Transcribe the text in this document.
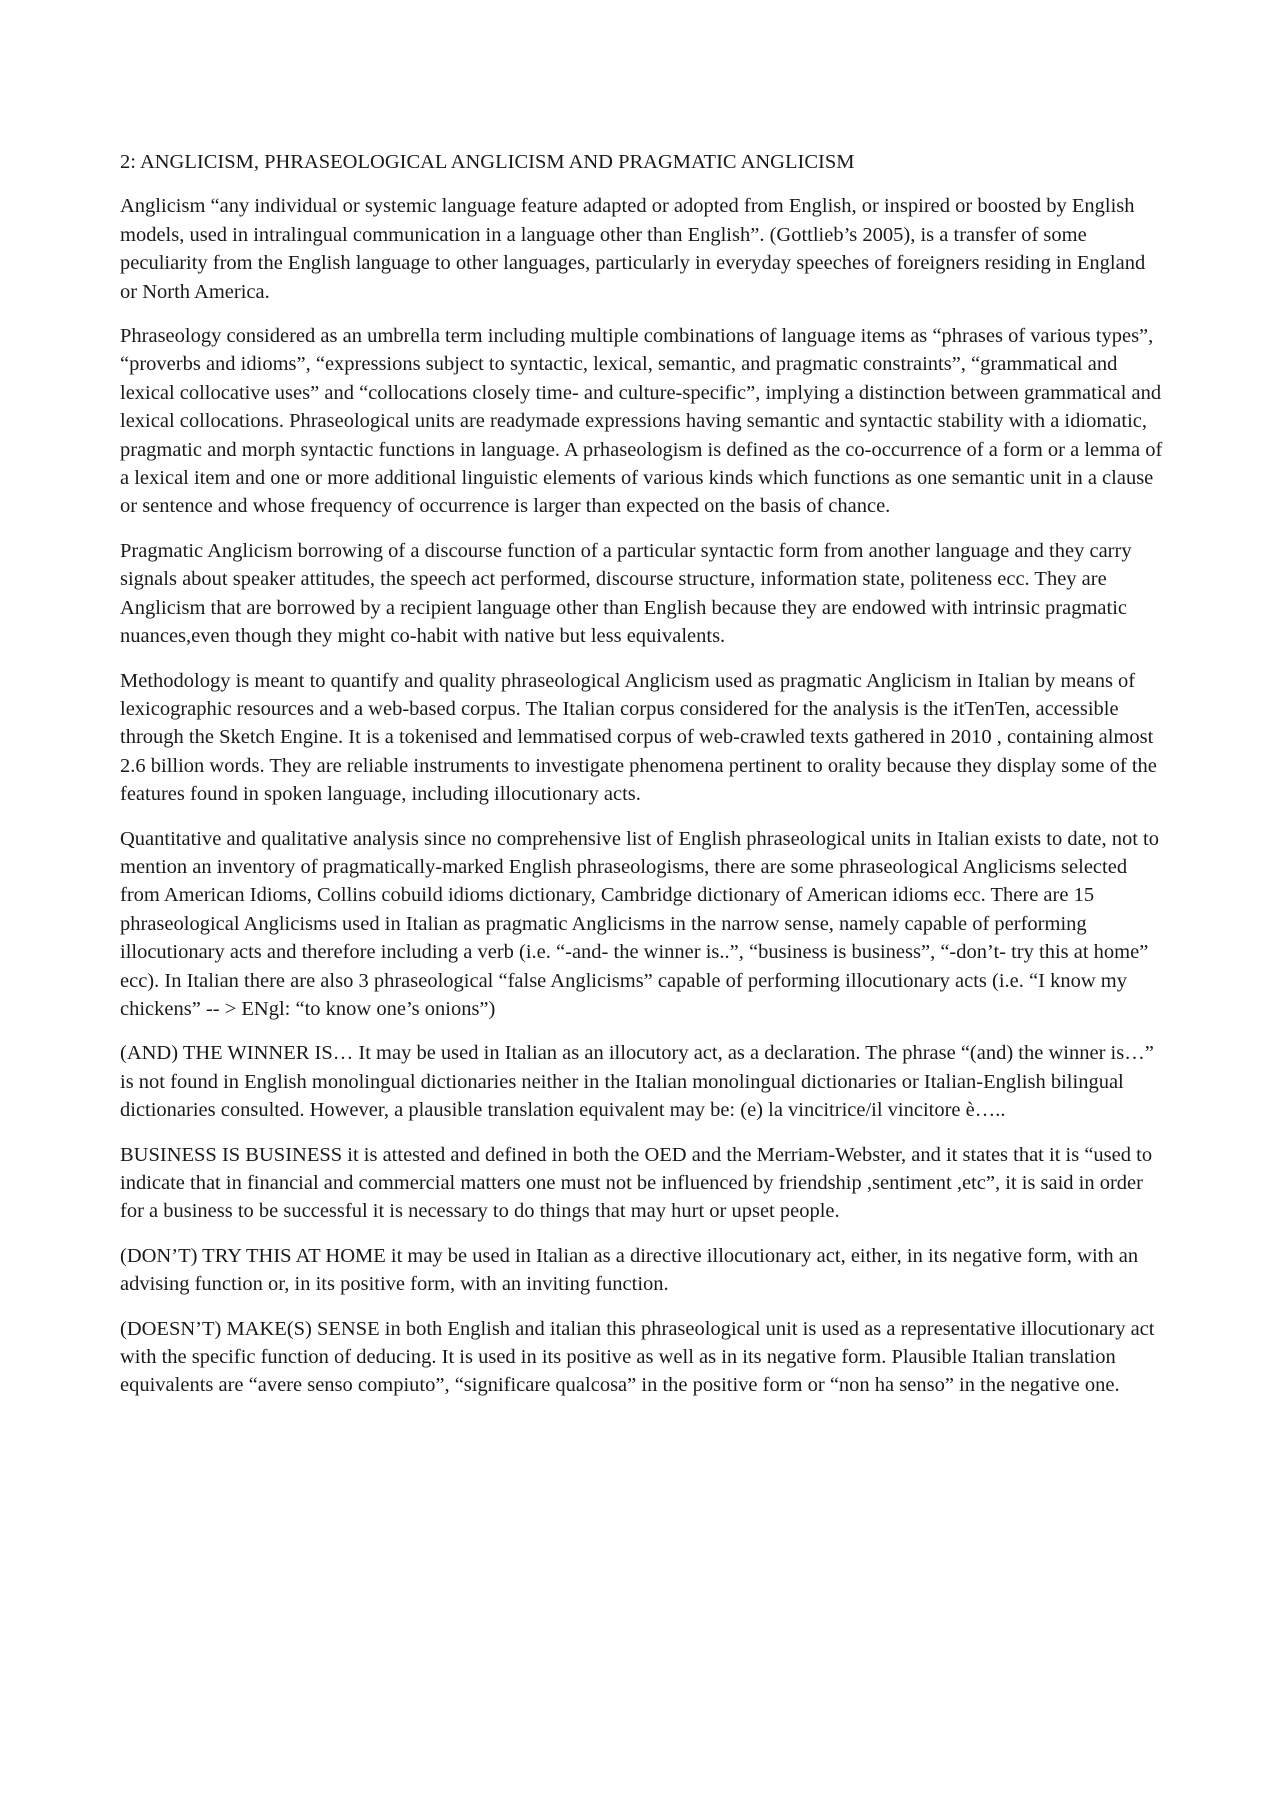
2: ANGLICISM, PHRASEOLOGICAL ANGLICISM AND PRAGMATIC ANGLICISM

Anglicism “any individual or systemic language feature adapted or adopted from English, or inspired or boosted by English models, used in intralingual communication in a language other than English”. (Gottlieb’s 2005), is a transfer of some peculiarity from the English language to other languages, particularly in everyday speeches of foreigners residing in England or North America.

Phraseology considered as an umbrella term including multiple combinations of language items as “phrases of various types”, “proverbs and idioms”, “expressions subject to syntactic, lexical, semantic, and pragmatic constraints”, “grammatical and lexical collocative uses” and “collocations closely time- and culture-specific”, implying a distinction between grammatical and lexical collocations. Phraseological units are readymade expressions having semantic and syntactic stability with a idiomatic, pragmatic and morph syntactic functions in language. A prhaseologism is defined as the co-occurrence of a form or a lemma of a lexical item and one or more additional linguistic elements of various kinds which functions as one semantic unit in a clause or sentence and whose frequency of occurrence is larger than expected on the basis of chance.

Pragmatic Anglicism borrowing of a discourse function of a particular syntactic form from another language and they carry signals about speaker attitudes, the speech act performed, discourse structure, information state, politeness ecc. They are Anglicism that are borrowed by a recipient language other than English because they are endowed with intrinsic pragmatic nuances,even though they might co-habit with native but less equivalents.

Methodology is meant to quantify and quality phraseological Anglicism used as pragmatic Anglicism in Italian by means of lexicographic resources and a web-based corpus. The Italian corpus considered for the analysis is the itTenTen, accessible through the Sketch Engine. It is a tokenised and lemmatised corpus of web-crawled texts gathered in 2010 , containing almost 2.6 billion words. They are reliable instruments to investigate phenomena pertinent to orality because they display some of the features found in spoken language, including illocutionary acts.

Quantitative and qualitative analysis since no comprehensive list of English phraseological units in Italian exists to date, not to mention an inventory of pragmatically-marked English phraseologisms, there are some phraseological Anglicisms selected from American Idioms, Collins cobuild idioms dictionary, Cambridge dictionary of American idioms ecc. There are 15 phraseological Anglicisms used in Italian as pragmatic Anglicisms in the narrow sense, namely capable of performing illocutionary acts and therefore including a verb (i.e. “-and- the winner is..”, “business is business”, “-don’t- try this at home” ecc). In Italian there are also 3 phraseological “false Anglicisms” capable of performing illocutionary acts (i.e. “I know my chickens” -- > ENgl: “to know one’s onions”)

(AND) THE WINNER IS… It may be used in Italian as an illocutory act, as a declaration. The phrase “(and) the winner is…” is not found in English monolingual dictionaries neither in the Italian monolingual dictionaries or Italian-English bilingual dictionaries consulted. However, a plausible translation equivalent may be: (e) la vincitrice/il vincitore è…..

BUSINESS IS BUSINESS it is attested and defined in both the OED and the Merriam-Webster, and it states that it is “used to indicate that in financial and commercial matters one must not be influenced by friendship ,sentiment ,etc”, it is said in order for a business to be successful it is necessary to do things that may hurt or upset people.

(DON’T) TRY THIS AT HOME it may be used in Italian as a directive illocutionary act, either, in its negative form, with an advising function or, in its positive form, with an inviting function.

(DOESN’T) MAKE(S) SENSE in both English and italian this phraseological unit is used as a representative illocutionary act with the specific function of deducing. It is used in its positive as well as in its negative form. Plausible Italian translation equivalents are “avere senso compiuto”, “significare qualcosa” in the positive form or “non ha senso” in the negative one.
